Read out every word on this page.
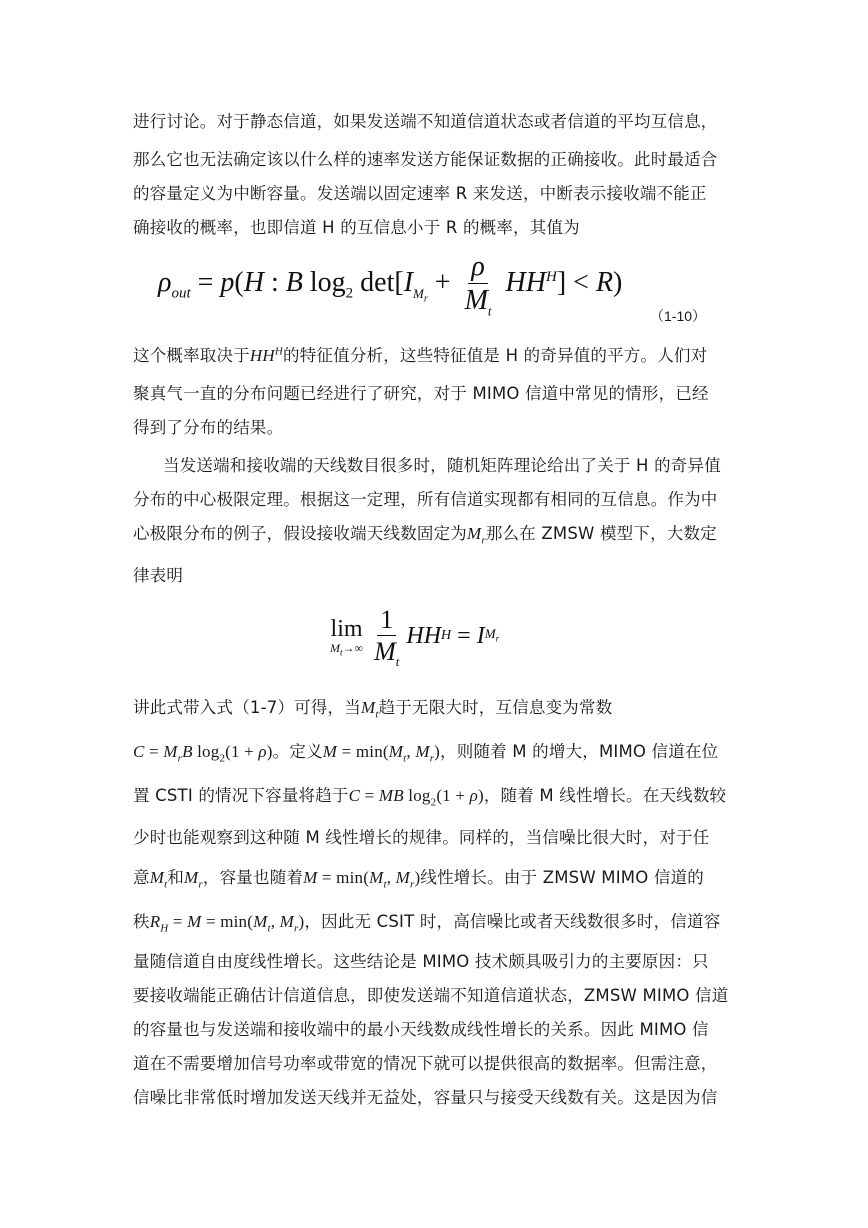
进行讨论。对于静态信道，如果发送端不知道信道状态或者信道的平均互信息，
那么它也无法确定该以什么样的速率发送方能保证数据的正确接收。此时最适合
的容量定义为中断容量。发送端以固定速率 R 来发送，中断表示接收端不能正
确接收的概率，也即信道 H 的互信息小于 R 的概率，其值为
$\rho_{out} = p(H$ : B $\log_2 \det[I_{M_r} + \frac{\rho}{M_t} HH^H] < R$)
（1-10）
这个概率取决于$HH^H$的特征值分析，这些特征值是 H 的奇异值的平方。人们对
聚真气一直的分布问题已经进行了研究，对于 MIMO 信道中常见的情形，已经
得到了分布的结果。
当发送端和接收端的天线数目很多时，随机矩阵理论给出了关于 H 的奇异值
分布的中心极限定理。根据这一定理，所有信道实现都有相同的互信息。作为中
心极限分布的例子，假设接收端天线数固定为$M_r$那么在 ZMSW 模型下，大数定
律表明
lim
$M_t\to\infty \frac{1}{M_t}$ HH H = I $M_r$
讲此式带入式（1-7）可得，当$M_t$趋于无限大时，互信息变为常数
$C = M_rB$ $\log_2(1 + \rho)$。定义$M = \min(M_t$, $M_r$)，则随着 M 的增大，MIMO 信道在位
置 CSTI 的情况下容量将趋于C = MB $\log_2(1 + \rho)$，随着 M 线性增长。在天线数较
少时也能观察到这种随 M 线性增长的规律。同样的，当信噪比很大时，对于任
意$M_t$和$M_r$，容量也随着$M = \min(M_t$, $M_r$)线性增长。由于 ZMSW MIMO 信道的
秩$R_H = M = \min(M_t$, $M_r$)，因此无 CSIT 时，高信噪比或者天线数很多时，信道容
量随信道自由度线性增长。这些结论是 MIMO 技术颇具吸引力的主要原因：只
要接收端能正确估计信道信息，即使发送端不知道信道状态，ZMSW MIMO 信道
的容量也与发送端和接收端中的最小天线数成线性增长的关系。因此 MIMO 信
道在不需要增加信号功率或带宽的情况下就可以提供很高的数据率。但需注意，
信噪比非常低时增加发送天线并无益处，容量只与接受天线数有关。这是因为信
